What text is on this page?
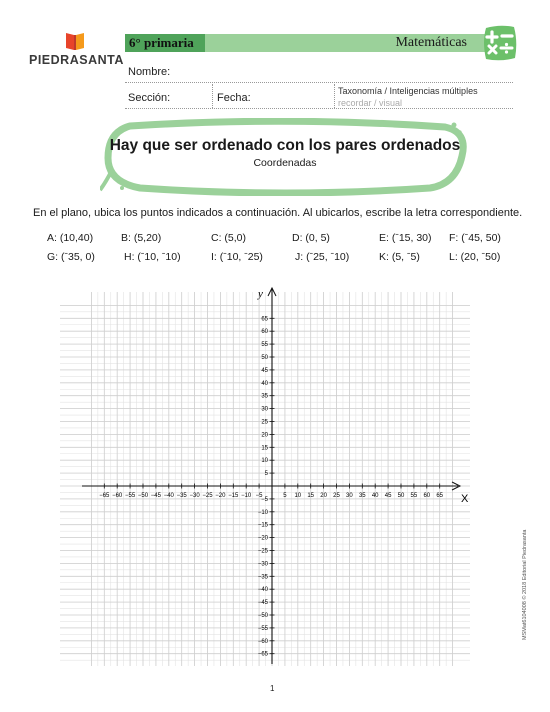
PIEDRASANTA
6° primaria	Matemáticas
Nombre:
Sección:	Fecha:
Taxonomía / Inteligencias múltiples
recordar / visual
Hay que ser ordenado con los pares ordenados
Coordenadas
En el plano, ubica los puntos indicados a continuación. Al ubicarlos, escribe la letra correspondiente.
A: (10,40)	B: (5,20)	C: (5,0)	D: (0, 5)	E: (ˉ15, 30) F: (ˉ45, 50)
G: (ˉ35, 0)	H: (ˉ10, ˉ10)	I: (ˉ10, ˉ25)	J: (ˉ25, ˉ10)	K: (5, ˉ5)	L: (20, ˉ50)
X
y
−65
−65
−60
−60
−55
−55
−50
−50
−45
−45
−40
−40
−35
−35
−30
−30
−25
−25
−20
−20
−15
−15
−10
−10
−5
−5
5
5
10
10
15
15
20
20
25
25
30
30
35
35
40
40
45
45
50
50
55
55
60
60
65
65
1
MSMat6104008 © 2018 Editorial Piedrasanta
